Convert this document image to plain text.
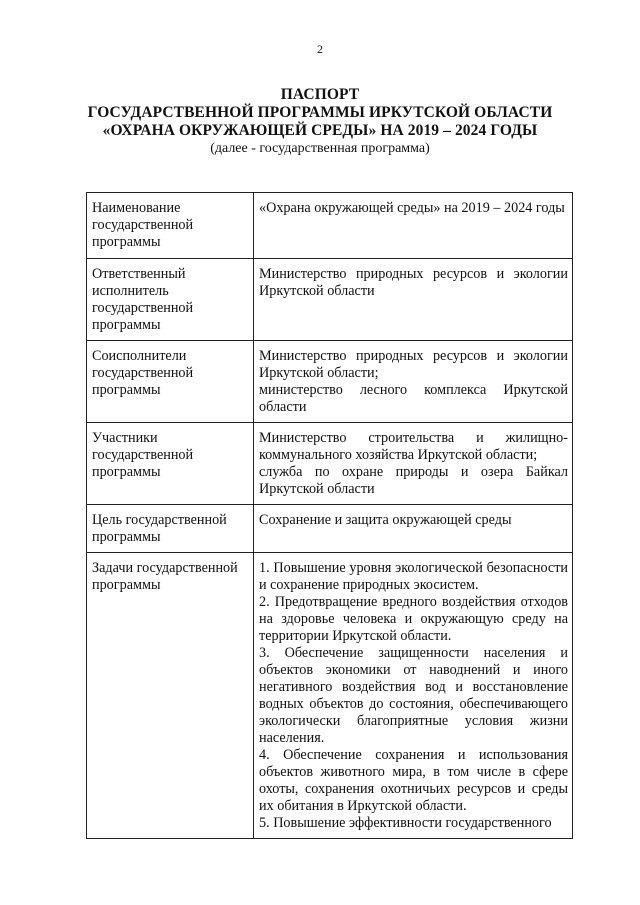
2
ПАСПОРТ
ГОСУДАРСТВЕННОЙ ПРОГРАММЫ ИРКУТСКОЙ ОБЛАСТИ
«ОХРАНА ОКРУЖАЮЩЕЙ СРЕДЫ» НА 2019 – 2024 ГОДЫ
(далее - государственная программа)
Наименование государственной программы	«Охрана окружающей среды» на 2019 – 2024 годы

Ответственный исполнитель государственной программы	Министерство природных ресурсов и экологии Иркутской области

Соисполнители государственной программы	Министерство природных ресурсов и экологии Иркутской области;
министерство лесного комплекса Иркутской области

Участники государственной программы	Министерство строительства и жилищно-коммунального хозяйства Иркутской области;
служба по охране природы и озера Байкал Иркутской области

Цель государственной программы	Сохранение и защита окружающей среды

Задачи государственной программы	1. Повышение уровня экологической безопасности и сохранение природных экосистем.
2. Предотвращение вредного воздействия отходов на здоровье человека и окружающую среду на территории Иркутской области.
3. Обеспечение защищенности населения и объектов экономики от наводнений и иного негативного воздействия вод и восстановление водных объектов до состояния, обеспечивающего экологически благоприятные условия жизни населения.
4. Обеспечение сохранения и использования объектов животного мира, в том числе в сфере охоты, сохранения охотничьих ресурсов и среды их обитания в Иркутской области.
5. Повышение эффективности государственного
